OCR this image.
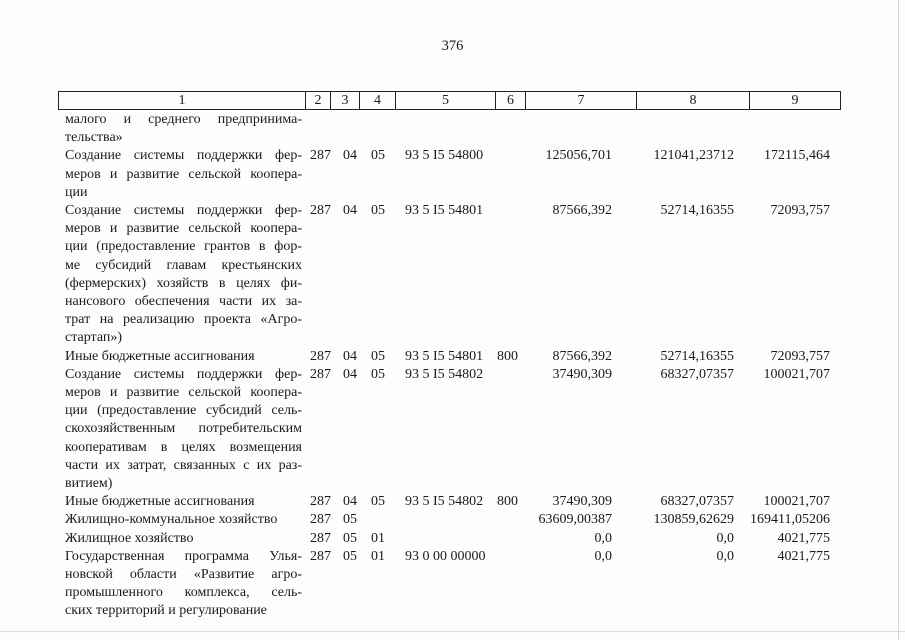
376
1	2	3	4	5	6	7	8	9
малого и среднего предпринима-
тельства»
Создание системы поддержки фер-
меров и развитие сельской коопера-
ции
287 04 05 93 5 I5 54800	125056,701	121041,23712	172115,464
Создание системы поддержки фер-
меров и развитие сельской коопера-
ции (предоставление грантов в фор-
ме субсидий главам крестьянских
(фермерских) хозяйств в целях фи-
нансового обеспечения части их за-
трат на реализацию проекта «Агро-
стартап»)
287 04 05 93 5 I5 54801	87566,392	52714,16355	72093,757
Иные бюджетные ассигнования	287 04 05 93 5 I5 54801 800	87566,392	52714,16355	72093,757
Создание системы поддержки фер-
меров и развитие сельской коопера-
ции (предоставление субсидий сель-
скохозяйственным потребительским
кооперативам в целях возмещения
части их затрат, связанных с их раз-
витием)
287 04 05 93 5 I5 54802	37490,309	68327,07357	100021,707
Иные бюджетные ассигнования	287 04 05 93 5 I5 54802 800	37490,309	68327,07357	100021,707
Жилищно-коммунальное хозяйство	287 05	63609,00387	130859,62629 169411,05206
Жилищное хозяйство	287 05 01	0,0	0,0	4021,775
Государственная программа Улья-
новской области «Развитие агро-
промышленного комплекса, сель-
ских территорий и регулирование
287 05 01 93 0 00 00000	0,0	0,0	4021,775
